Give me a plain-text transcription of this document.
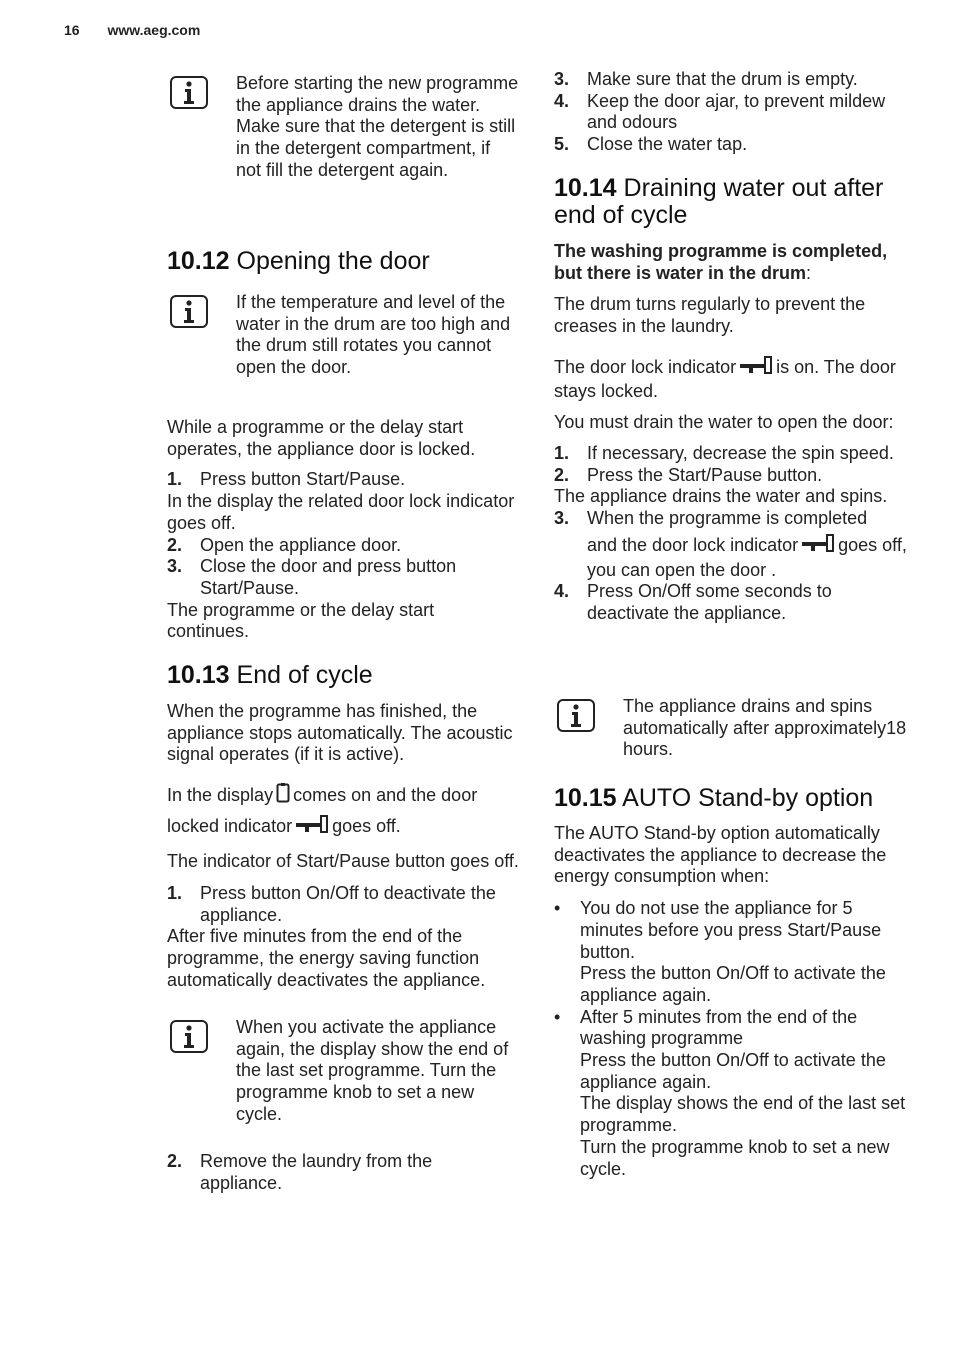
16 www.aeg.com

Before starting the new programme the appliance drains the water. Make sure that the detergent is still in the detergent compartment, if not fill the detergent again.

10.12 Opening the door

If the temperature and level of the water in the drum are too high and the drum still rotates you cannot open the door.

While a programme or the delay start operates, the appliance door is locked.

1. Press button Start/Pause.

In the display the related door lock indicator goes off.

2. Open the appliance door.
3. Close the door and press button Start/Pause.

The programme or the delay start continues.

10.13 End of cycle

When the programme has finished, the appliance stops automatically. The acoustic signal operates (if it is active).

In the display comes on and the door locked indicator goes off.

The indicator of Start/Pause button goes off.

1. Press button On/Off to deactivate the appliance.

After five minutes from the end of the programme, the energy saving function automatically deactivates the appliance.

When you activate the appliance again, the display show the end of the last set programme. Turn the programme knob to set a new cycle.

2. Remove the laundry from the appliance.
3. Make sure that the drum is empty.
4. Keep the door ajar, to prevent mildew and odours
5. Close the water tap.
10.14 Draining water out after end of cycle

The washing programme is completed, but there is water in the drum:

The drum turns regularly to prevent the creases in the laundry.

The door lock indicator is on. The door stays locked.

You must drain the water to open the door:

1. If necessary, decrease the spin speed.
2. Press the Start/Pause button.

The appliance drains the water and spins.

3. When the programme is completed
and the door lock indicator goes off, you can open the door .
4. Press On/Off some seconds to deactivate the appliance.

The appliance drains and spins automatically after approximately18 hours.

10.15 AUTO Stand-by option

The AUTO Stand-by option automatically deactivates the appliance to decrease the energy consumption when:

• You do not use the appliance for 5 minutes before you press Start/Pause button.
Press the button On/Off to activate the appliance again.
• After 5 minutes from the end of the washing programme
Press the button On/Off to activate the appliance again.
The display shows the end of the last set programme.
Turn the programme knob to set a new cycle.
